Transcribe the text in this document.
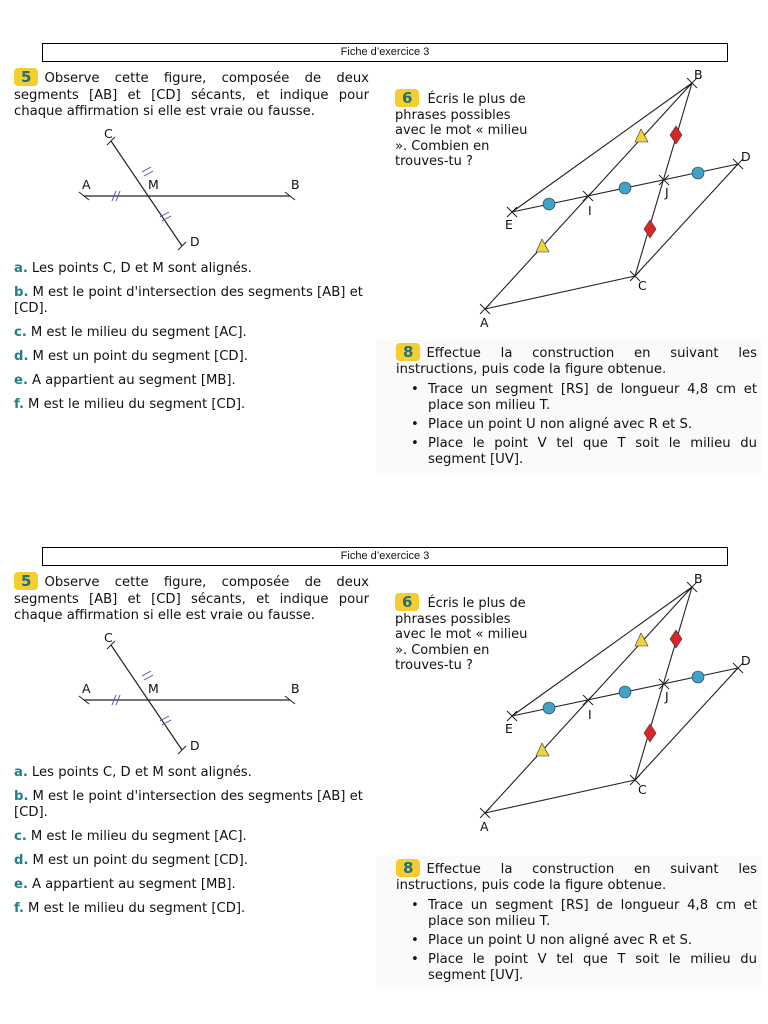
Fiche d’exercice 3
5 Observe cette figure, composée de deux segments [AB] et [CD] sécants, et indique pour chaque affirmation si elle est vraie ou fausse.
A	B
C
D
M
a. Les points C, D et M sont alignés.
b. M est le point d'intersection des segments [AB] et [CD].
c. M est le milieu du segment [AC].
d. M est un point du segment [CD].
e. A appartient au segment [MB].
f. M est le milieu du segment [CD].
6 Écris le plus de phrases possibles avec le mot « milieu ». Combien en trouves-tu ?
B
D
E
I
J
C
A
8 Effectue la construction en suivant les instructions, puis code la figure obtenue.
• Trace un segment [RS] de longueur 4,8 cm et place son milieu T.
• Place un point U non aligné avec R et S.
• Place le point V tel que T soit le milieu du segment [UV].
Fiche d’exercice 3
5 Observe cette figure, composée de deux segments [AB] et [CD] sécants, et indique pour chaque affirmation si elle est vraie ou fausse.
A	B
C
D
M
a. Les points C, D et M sont alignés.
b. M est le point d'intersection des segments [AB] et [CD].
c. M est le milieu du segment [AC].
d. M est un point du segment [CD].
e. A appartient au segment [MB].
f. M est le milieu du segment [CD].
6 Écris le plus de phrases possibles avec le mot « milieu ». Combien en trouves-tu ?
B
D
E
I
J
C
A
8 Effectue la construction en suivant les instructions, puis code la figure obtenue.
• Trace un segment [RS] de longueur 4,8 cm et place son milieu T.
• Place un point U non aligné avec R et S.
• Place le point V tel que T soit le milieu du segment [UV].
